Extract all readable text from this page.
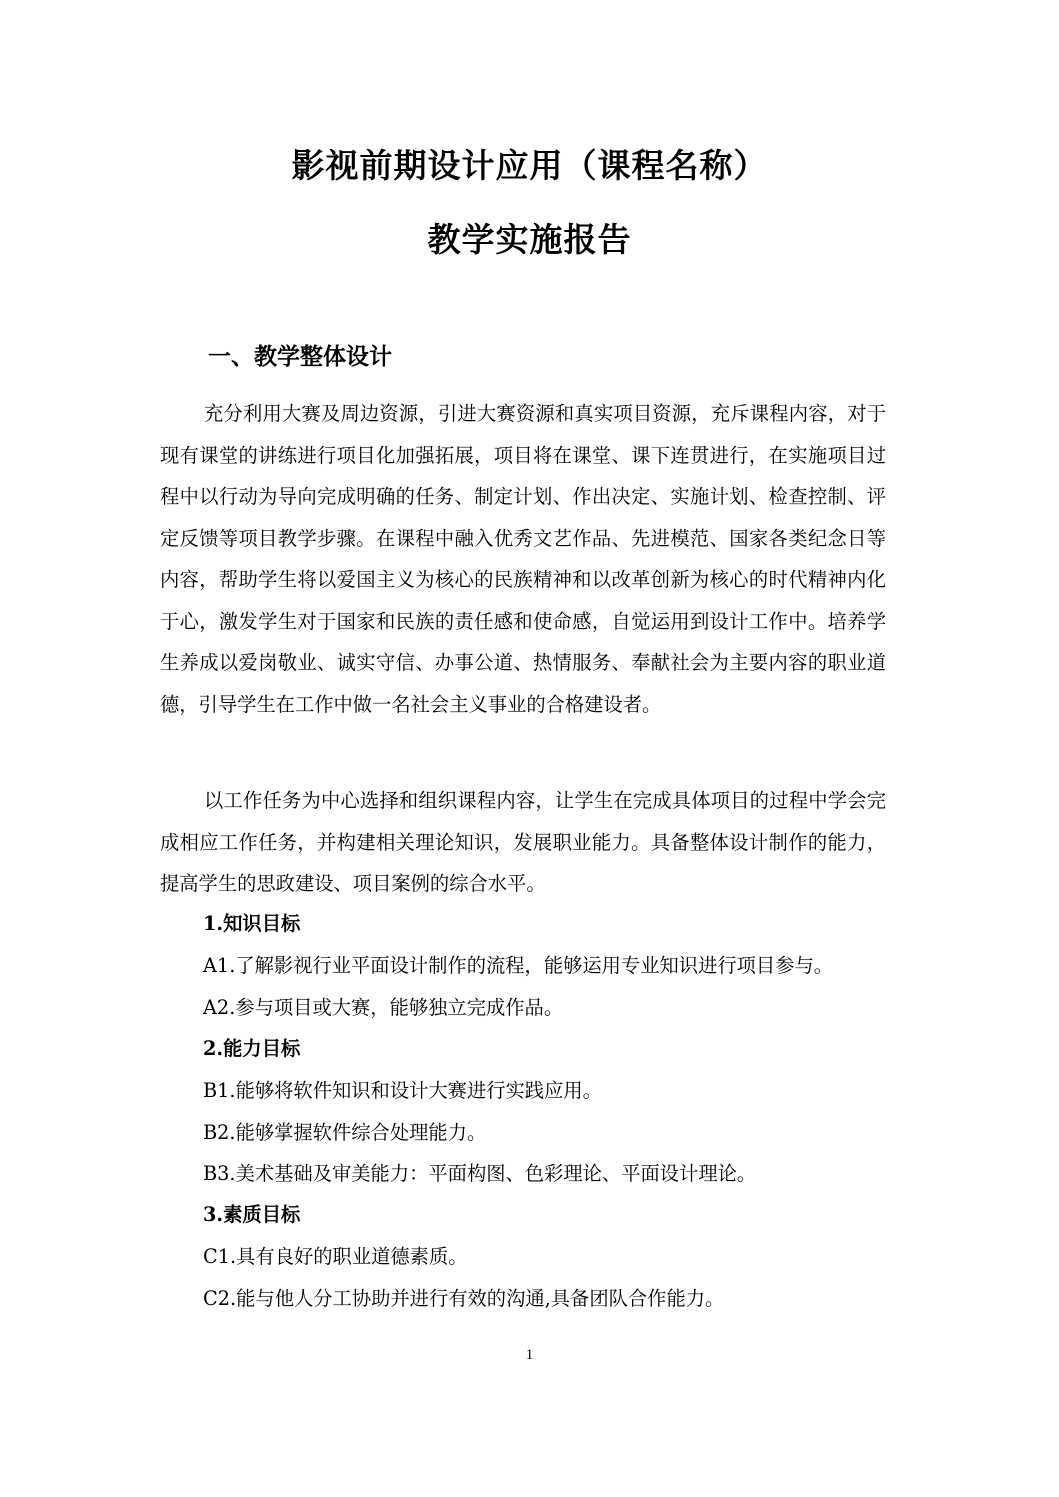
影视前期设计应用（课程名称）
教学实施报告
一、教学整体设计

充分利用大赛及周边资源，引进大赛资源和真实项目资源，充斥课程内容，对于现有课堂的讲练进行项目化加强拓展，项目将在课堂、课下连贯进行，在实施项目过程中以行动为导向完成明确的任务、制定计划、作出决定、实施计划、检查控制、评定反馈等项目教学步骤。在课程中融入优秀文艺作品、先进模范、国家各类纪念日等内容，帮助学生将以爱国主义为核心的民族精神和以改革创新为核心的时代精神内化于心，激发学生对于国家和民族的责任感和使命感，自觉运用到设计工作中。培养学生养成以爱岗敬业、诚实守信、办事公道、热情服务、奉献社会为主要内容的职业道德，引导学生在工作中做一名社会主义事业的合格建设者。

以工作任务为中心选择和组织课程内容，让学生在完成具体项目的过程中学会完成相应工作任务，并构建相关理论知识，发展职业能力。具备整体设计制作的能力，提高学生的思政建设、项目案例的综合水平。

1.知识目标
A1.了解影视行业平面设计制作的流程，能够运用专业知识进行项目参与。
A2.参与项目或大赛，能够独立完成作品。
2.能力目标
B1.能够将软件知识和设计大赛进行实践应用。
B2.能够掌握软件综合处理能力。
B3.美术基础及审美能力：平面构图、色彩理论、平面设计理论。
3.素质目标
C1.具有良好的职业道德素质。
C2.能与他人分工协助并进行有效的沟通,具备团队合作能力。
1
